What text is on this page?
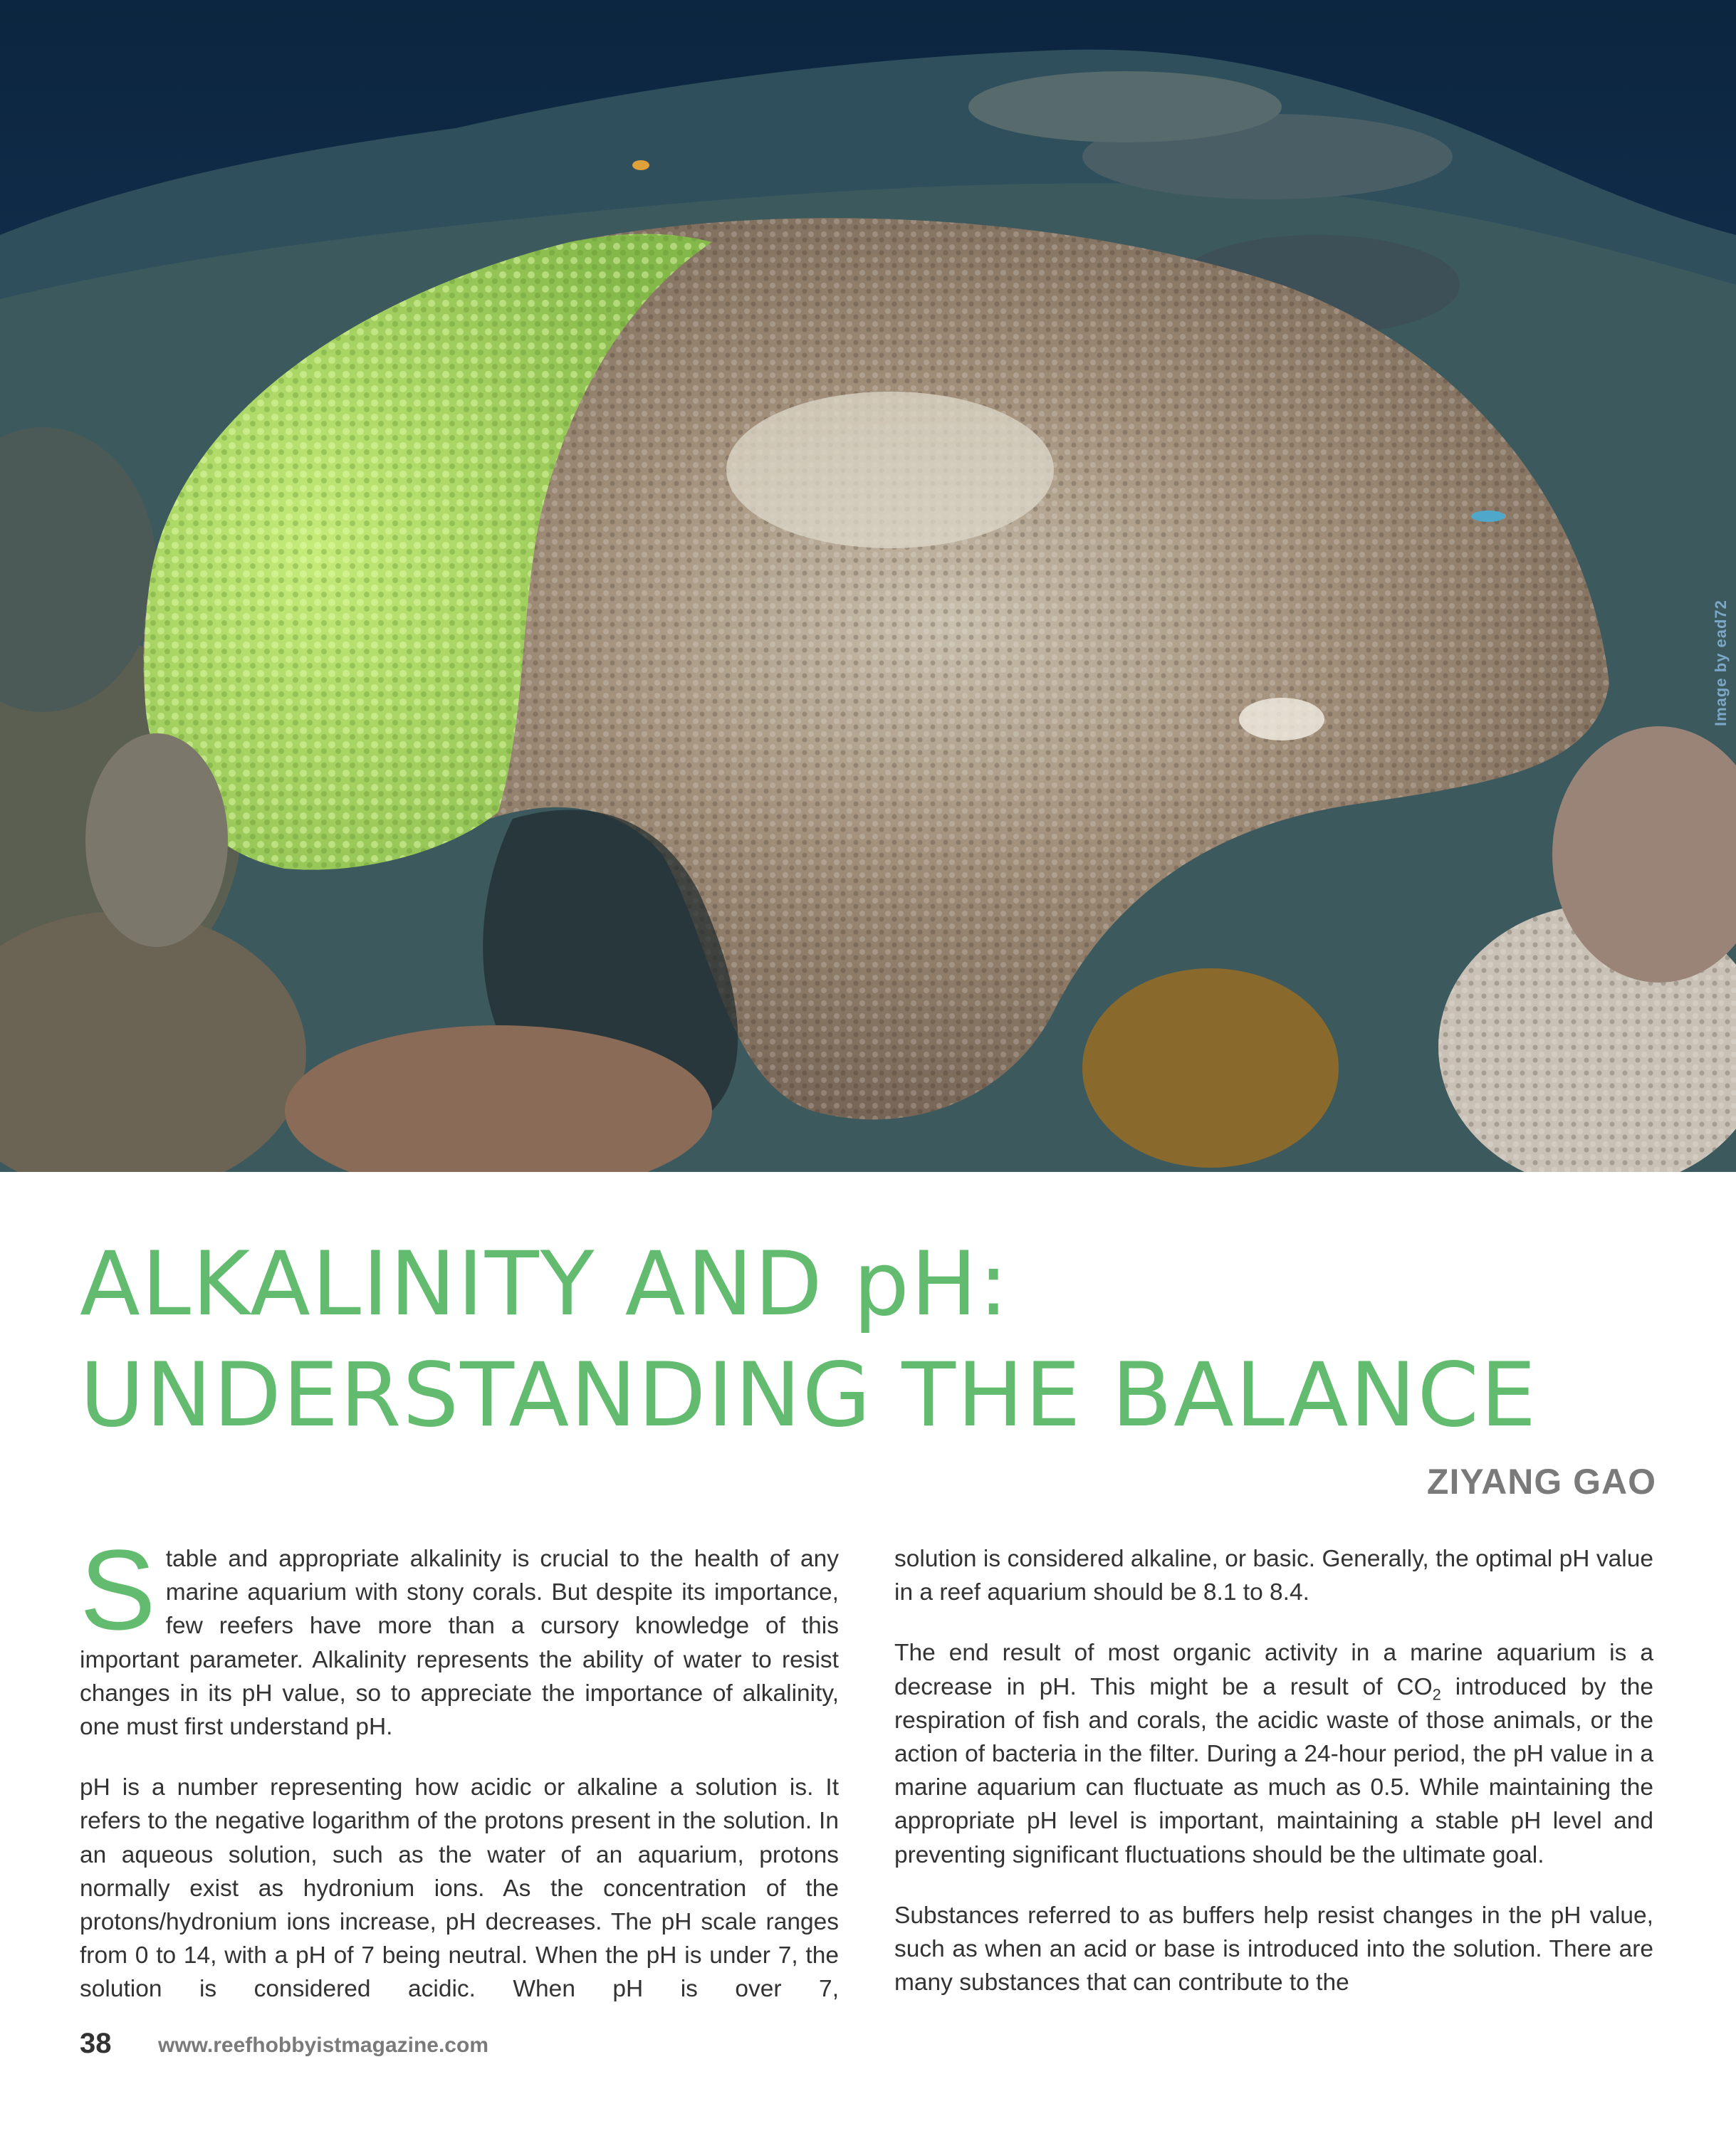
Image by ead72
ALKALINITY AND pH:
UNDERSTANDING THE BALANCE
ZIYANG GAO

Stable and appropriate alkalinity is crucial to the health of any marine aquarium with stony corals. But despite its importance, few reefers have more than a cursory knowledge of this important parameter. Alkalinity represents the ability of water to resist changes in its pH value, so to appreciate the importance of alkalinity, one must first understand pH.

pH is a number representing how acidic or alkaline a solution is. It refers to the negative logarithm of the protons present in the solution. In an aqueous solution, such as the water of an aquarium, protons normally exist as hydronium ions. As the concentration of the protons/hydronium ions increase, pH decreases. The pH scale ranges from 0 to 14, with a pH of 7 being neutral. When the pH is under 7, the solution is considered acidic. When pH is over 7,

solution is considered alkaline, or basic. Generally, the optimal pH value in a reef aquarium should be 8.1 to 8.4.

The end result of most organic activity in a marine aquarium is a decrease in pH. This might be a result of $CO_2$ introduced by the respiration of fish and corals, the acidic waste of those animals, or the action of bacteria in the filter. During a 24-hour period, the pH value in a marine aquarium can fluctuate as much as 0.5. While maintaining the appropriate pH level is important, maintaining a stable pH level and preventing significant fluctuations should be the ultimate goal.

Substances referred to as buffers help resist changes in the pH value, such as when an acid or base is introduced into the solution. There are many substances that can contribute to the

38 www.reefhobbyistmagazine.com
